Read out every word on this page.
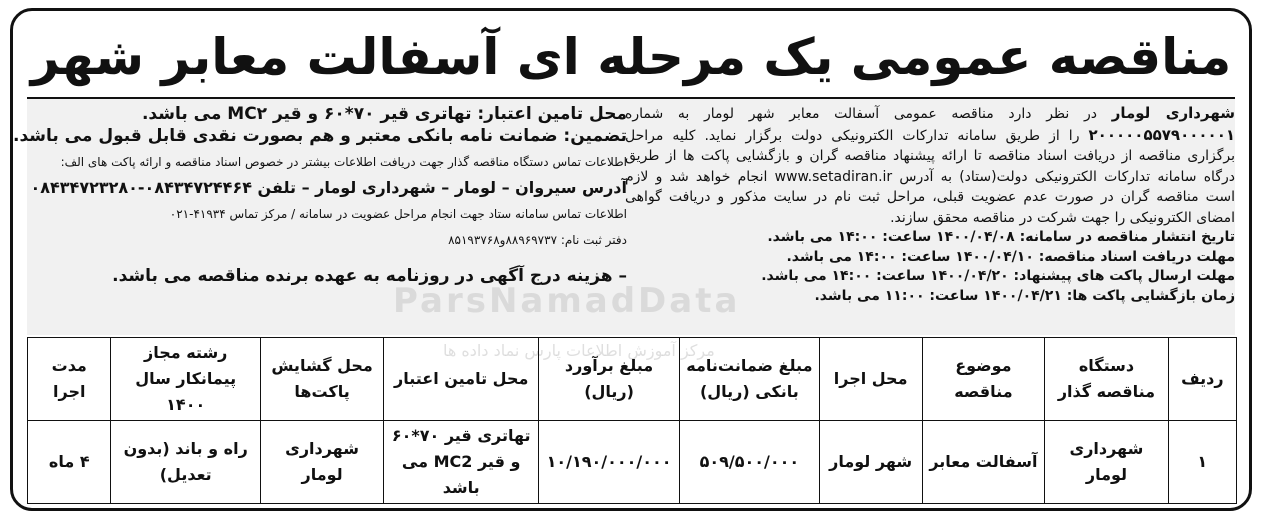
مناقصه عمومی یک مرحله ای آسفالت معابر شهر

شهرداری لومار در نظر دارد مناقصه عمومی آسفالت معابر شهر لومار به شماره ۲۰۰۰۰۰۵۵۷۹۰۰۰۰۰۱ را از طریق سامانه تدارکات الکترونیکی دولت برگزار نماید. کلیه مراحل برگزاری مناقصه از دریافت اسناد مناقصه تا ارائه پیشنهاد مناقصه گران و بازگشایی پاکت ها از طریق درگاه سامانه تدارکات الکترونیکی دولت(ستاد) به آدرس www.setadiran.ir انجام خواهد شد و لازم است مناقصه گران در صورت عدم عضویت قبلی، مراحل ثبت نام در سایت مذکور و دریافت گواهی امضای الکترونیکی را جهت شرکت در مناقصه محقق سازند.

تاریخ انتشار مناقصه در سامانه: ۱۴۰۰/۰۴/۰۸ ساعت: ۱۴:۰۰ می باشد.

مهلت دریافت اسناد مناقصه: ۱۴۰۰/۰۴/۱۰ ساعت: ۱۴:۰۰ می باشد.

مهلت ارسال پاکت های پیشنهاد: ۱۴۰۰/۰۴/۲۰ ساعت: ۱۴:۰۰ می باشد.

زمان بازگشایی پاکت ها: ۱۴۰۰/۰۴/۲۱ ساعت: ۱۱:۰۰ می باشد.

محل تامین اعتبار: تهاتری قیر ۷۰*۶۰ و قیر MC۲ می باشد.

تضمین: ضمانت نامه بانکی معتبر و هم بصورت نقدی قابل قبول می باشد.

اطلاعات تماس دستگاه مناقصه گذار جهت دریافت اطلاعات بیشتر در خصوص اسناد مناقصه و ارائه پاکت های الف:

آدرس سیروان – لومار – شهرداری لومار – تلفن ۰۸۴۳۴۷۲۴۴۶۴-۰۸۴۳۴۷۲۳۲۸۰

اطلاعات تماس سامانه ستاد جهت انجام مراحل عضویت در سامانه / مرکز تماس ۴۱۹۳۴-۰۲۱

دفتر ثبت نام: ۸۸۹۶۹۷۳۷و۸۵۱۹۳۷۶۸

– هزینه درج آگهی در روزنامه به عهده برنده مناقصه می باشد.

ParsNamadData
مرکز آموزش اطلاعات پارس نماد داده ها
ردیف	دستگاه مناقصه گذار	موضوع مناقصه	محل اجرا	مبلغ ضمانت‌نامه بانکی (ریال)	مبلغ برآورد (ریال)	محل تامین اعتبار	محل گشایش پاکت‌ها	رشته مجاز پیمانکار سال ۱۴۰۰	مدت اجرا
۱	شهرداری لومار	آسفالت معابر	شهر لومار	۵۰۹/۵۰۰/۰۰۰	۱۰/۱۹۰/۰۰۰/۰۰۰	تهاتری قیر ۷۰*۶۰ و قیر MC2 می باشد	شهرداری لومار	راه و باند (بدون تعدیل)	۴ ماه
